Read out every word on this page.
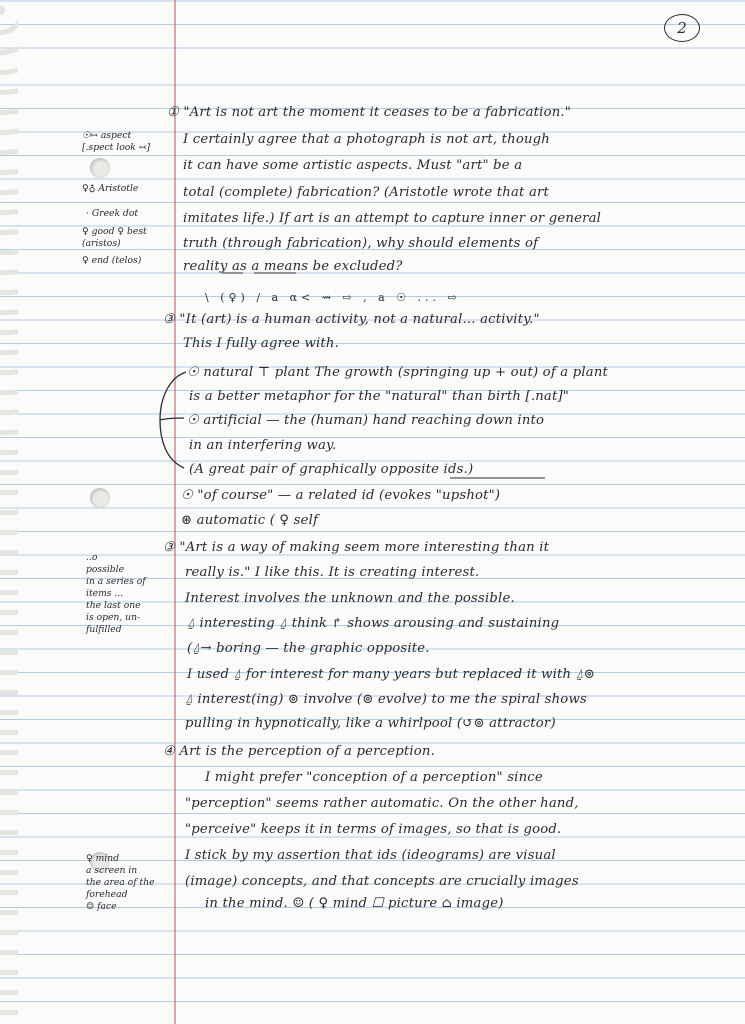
2
☉↦ aspect
[.spect look ↢]
♀♁ Aristotle
· Greek dot
♀ good ♀ best
(aristos)
♀ end (telos)
..o
possible
in a series of
items ...
the last one
is open, un-
fulfilled
♀ mind
a screen in
the area of the
forehead
☺ face
① "Art is not art the moment it ceases to be a fabrication."
I certainly agree that a photograph is not art, though
it can have some artistic aspects. Must "art" be a
total (complete) fabrication? (Aristotle wrote that art
imitates life.) If art is an attempt to capture inner or general
truth (through fabrication), why should elements of
reality as a means be excluded?
\ (♀) / a α< ⇝ ⇨ , a ☉ ... ⇨
③ "It (art) is a human activity, not a natural... activity."
This I fully agree with.
☉ natural ⊤ plant The growth (springing up + out) of a plant
is a better metaphor for the "natural" than birth [.nat]"
☉ artificial — the (human) hand reaching down into
in an interfering way.
(A great pair of graphically opposite ids.)
☉ "of course" — a related id (evokes "upshot")
⊛ automatic ( ♀ self
③ "Art is a way of making seem more interesting than it
really is." I like this. It is creating interest.
Interest involves the unknown and the possible.
⍙ interesting ⍙ think ↱ shows arousing and sustaining
(⍙→ boring — the graphic opposite.
I used ⍙ for interest for many years but replaced it with ⍙⊚
⍙ interest(ing) ⊚ involve (⊚ evolve) to me the spiral shows
pulling in hypnotically, like a whirlpool (↺⊚ attractor)
④ Art is the perception of a perception.
I might prefer "conception of a perception" since
"perception" seems rather automatic. On the other hand,
"perceive" keeps it in terms of images, so that is good.
I stick by my assertion that ids (ideograms) are visual
(image) concepts, and that concepts are crucially images
in the mind. ☺ ( ♀ mind ☐ picture ⌂ image)
